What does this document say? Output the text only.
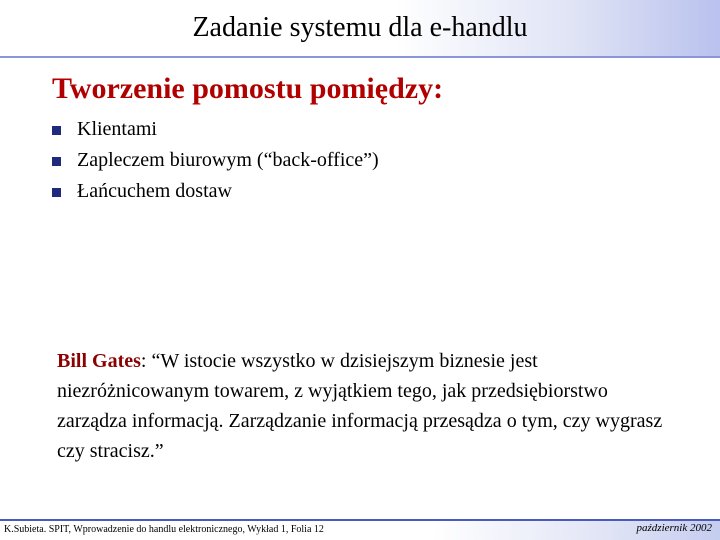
Zadanie systemu dla e-handlu
Tworzenie pomostu pomiędzy:
Klientami
Zapleczem biurowym (“back-office”)
Łańcuchem dostaw
Bill Gates: “W istocie wszystko w dzisiejszym biznesie jest niezróżnicowanym towarem, z wyjątkiem tego, jak przedsiębiorstwo zarządza informacją. Zarządzanie informacją przesądza o tym, czy wygrasz czy stracisz.”
K.Subieta. SPIT, Wprowadzenie do handlu elektronicznego, Wykład 1, Folia 12	październik 2002
